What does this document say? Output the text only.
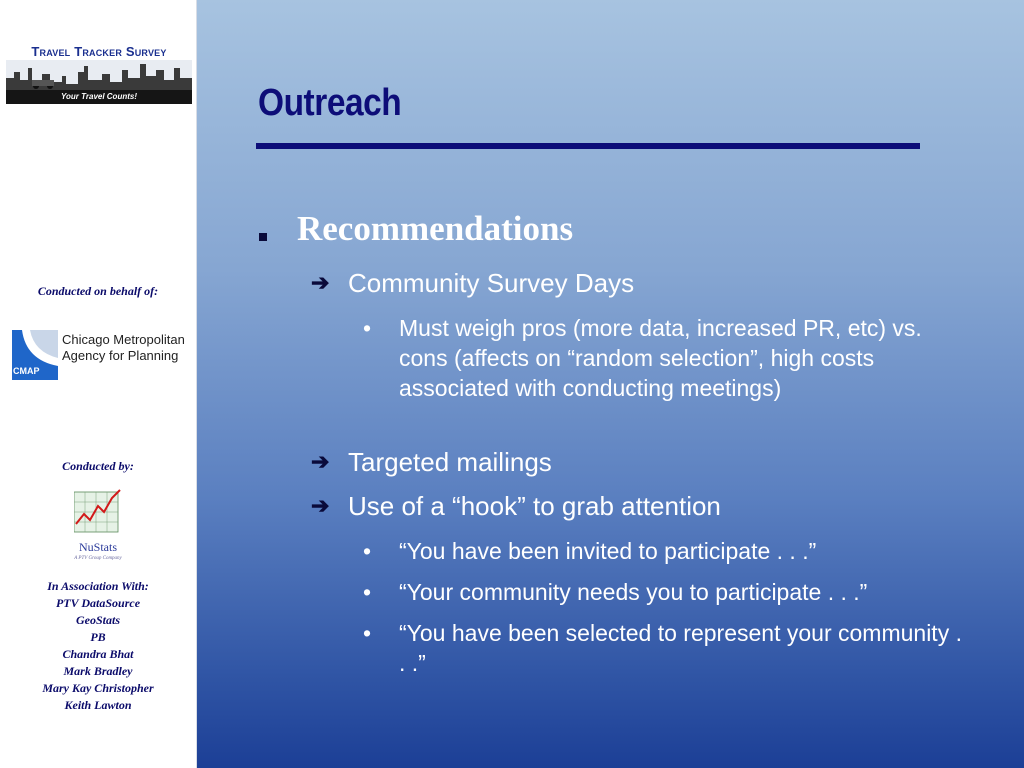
Travel Tracker Survey
Your Travel Counts!
Conducted on behalf of:
CMAP
Chicago Metropolitan
Agency for Planning
Conducted by:
NuStats
A PTV Group Company
In Association With:
PTV DataSource
GeoStats
PB
Chandra Bhat
Mark Bradley
Mary Kay Christopher
Keith Lawton
Outreach
Recommendations
➔ Community Survey Days
• Must weigh pros (more data, increased PR, etc) vs. cons (affects on “random selection”, high costs associated with conducting meetings)
➔ Targeted mailings
➔ Use of a “hook” to grab attention
• “You have been invited to participate . . .”
• “Your community needs you to participate . . .”
• “You have been selected to represent your community . . .”
